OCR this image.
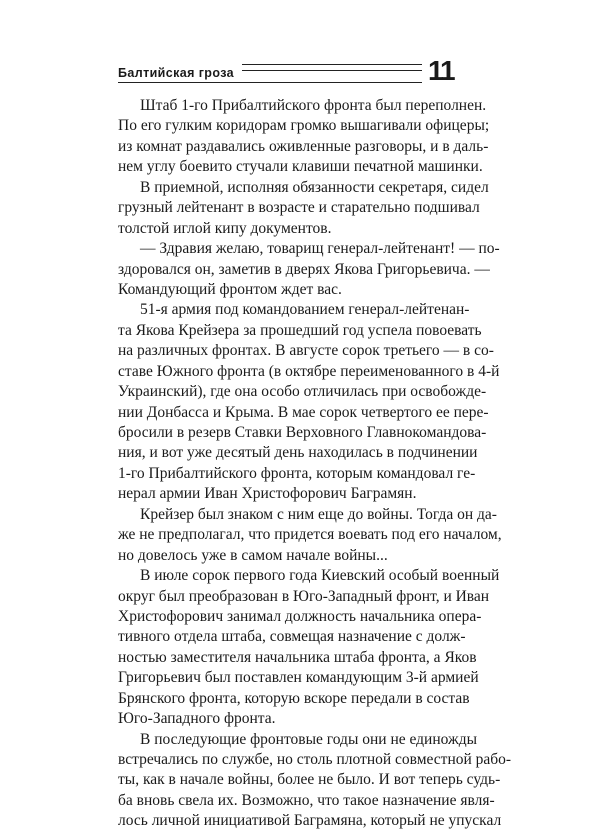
Балтийская гроза	11
Штаб 1-го Прибалтийского фронта был переполнен.
По его гулким коридорам громко вышагивали офицеры;
из комнат раздавались оживленные разговоры, и в даль-
нем углу боевито стучали клавиши печатной машинки.
В приемной, исполняя обязанности секретаря, сидел
грузный лейтенант в возрасте и старательно подшивал
толстой иглой кипу документов.
— Здравия желаю, товарищ генерал-лейтенант! — по-
здоровался он, заметив в дверях Якова Григорьевича. —
Командующий фронтом ждет вас.
51-я армия под командованием генерал-лейтенан-
та Якова Крейзера за прошедший год успела повоевать
на различных фронтах. В августе сорок третьего — в со-
ставе Южного фронта (в октябре переименованного в 4-й
Украинский), где она особо отличилась при освобожде-
нии Донбасса и Крыма. В мае сорок четвертого ее пере-
бросили в резерв Ставки Верховного Главнокомандова-
ния, и вот уже десятый день находилась в подчинении
1-го Прибалтийского фронта, которым командовал ге-
нерал армии Иван Христофорович Баграмян.
Крейзер был знаком с ним еще до войны. Тогда он да-
же не предполагал, что придется воевать под его началом,
но довелось уже в самом начале войны...
В июле сорок первого года Киевский особый военный
округ был преобразован в Юго-Западный фронт, и Иван
Христофорович занимал должность начальника опера-
тивного отдела штаба, совмещая назначение с долж-
ностью заместителя начальника штаба фронта, а Яков
Григорьевич был поставлен командующим 3-й армией
Брянского фронта, которую вскоре передали в состав
Юго-Западного фронта.
В последующие фронтовые годы они не единожды
встречались по службе, но столь плотной совместной рабо-
ты, как в начале войны, более не было. И вот теперь судь-
ба вновь свела их. Возможно, что такое назначение явля-
лось личной инициативой Баграмяна, который не упускал
